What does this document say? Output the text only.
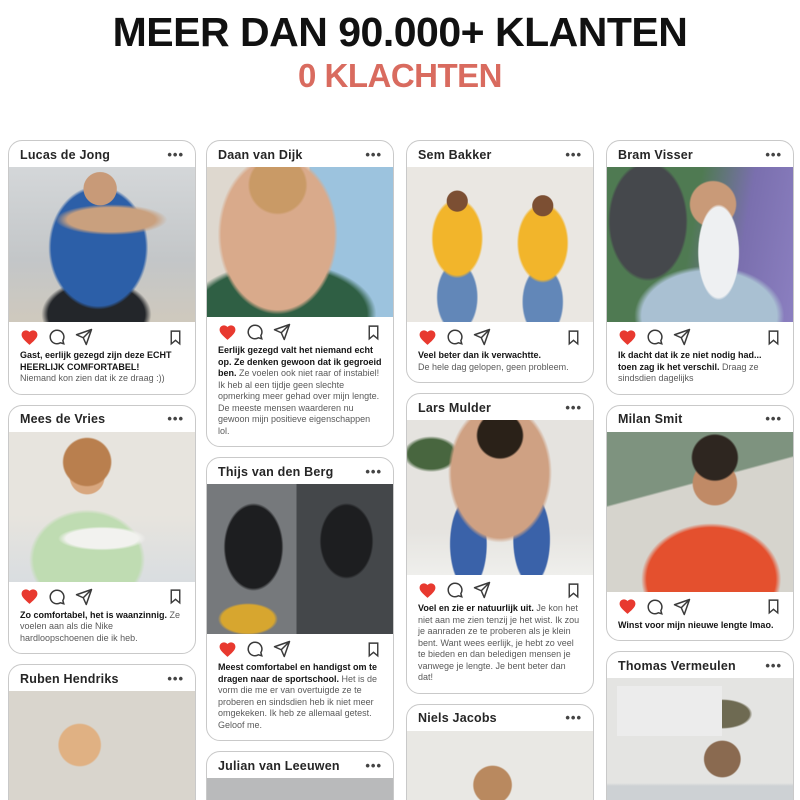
MEER DAN 90.000+ KLANTEN
0 KLACHTEN
Lucas de Jong	•••

Gast, eerlijk gezegd zijn deze ECHT HEERLIJK COMFORTABEL!
Niemand kon zien dat ik ze draag :))

Mees de Vries	•••

Zo comfortabel, het is waanzinnig. Ze voelen aan als die Nike hardloopschoenen die ik heb.

Ruben Hendriks	•••
Daan van Dijk	•••

Eerlijk gezegd valt het niemand echt op. Ze denken gewoon dat ik gegroeid ben. Ze voelen ook niet raar of instabiel! Ik heb al een tijdje geen slechte opmerking meer gehad over mijn lengte. De meeste mensen waarderen nu gewoon mijn positieve eigenschappen lol.

Thijs van den Berg •••

Meest comfortabel en handigst om te dragen naar de sportschool. Het is de vorm die me er van overtuigde ze te proberen en sindsdien heb ik niet meer omgekeken. Ik heb ze allemaal getest. Geloof me.

Julian van Leeuwen •••
Sem Bakker	•••

Veel beter dan ik verwachtte.
De hele dag gelopen, geen probleem.

Lars Mulder	•••

Voel en zie er natuurlijk uit. Je kon het niet aan me zien tenzij je het wist. Ik zou je aanraden ze te proberen als je klein bent. Want wees eerlijk, je hebt zo veel te bieden en dan beledigen mensen je vanwege je lengte. Je bent beter dan dat!

Niels Jacobs	•••
Bram Visser	•••

Ik dacht dat ik ze niet nodig had... toen zag ik het verschil. Draag ze sindsdien dagelijks

Milan Smit	•••

Winst voor mijn nieuwe lengte lmao.

Thomas Vermeulen •••
